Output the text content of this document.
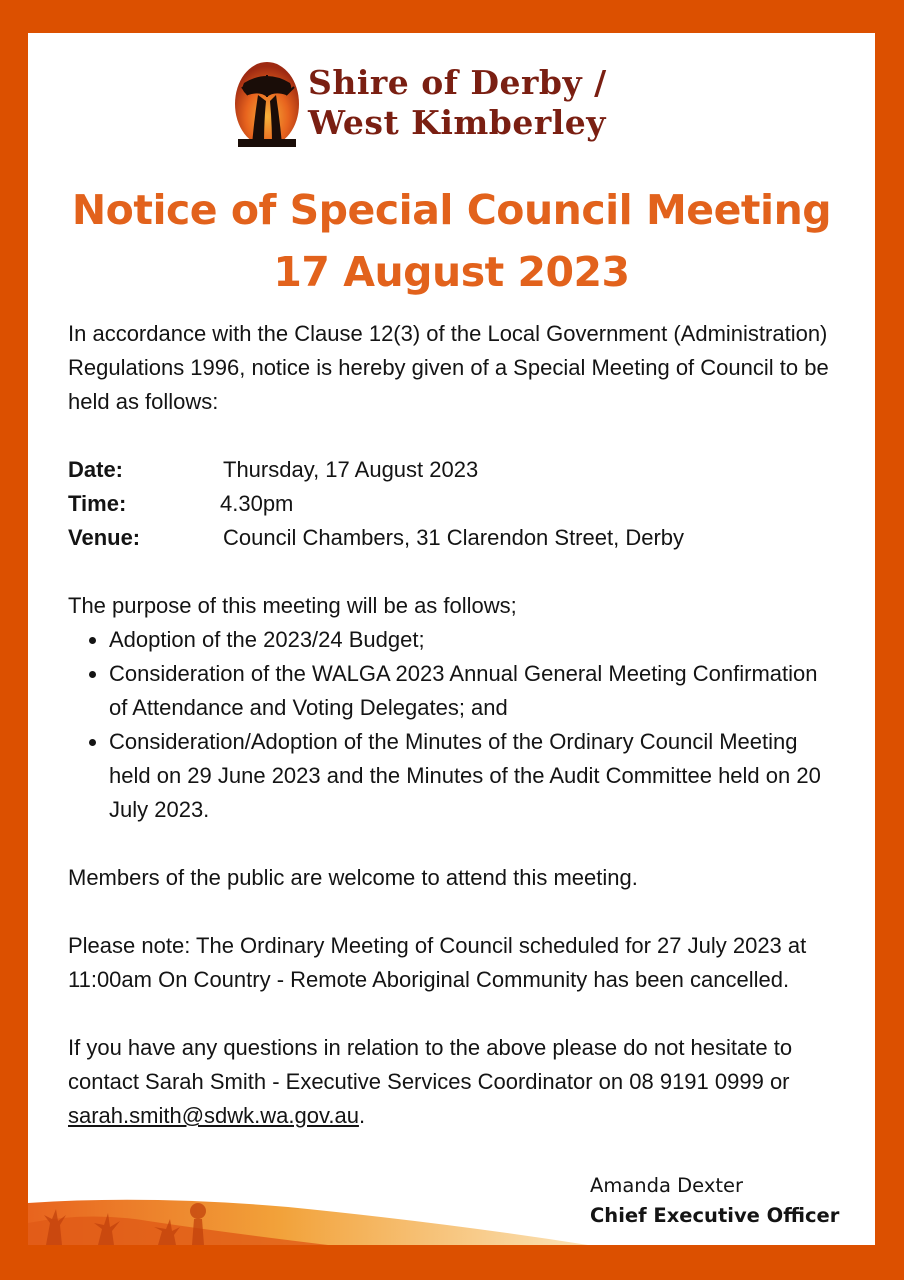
Shire of Derby /
West Kimberley

Notice of Special Council Meeting
17 August 2023

In accordance with the Clause 12(3) of the Local Government (Administration) Regulations 1996, notice is hereby given of a Special Meeting of Council to be held as follows:

Date:	Thursday, 17 August 2023
Time:	4.30pm
Venue:	Council Chambers, 31 Clarendon Street, Derby

The purpose of this meeting will be as follows;

• Adoption of the 2023/24 Budget;
• Consideration of the WALGA 2023 Annual General Meeting Confirmation of Attendance and Voting Delegates; and
• Consideration/Adoption of the Minutes of the Ordinary Council Meeting held on 29 June 2023 and the Minutes of the Audit Committee held on 20 July 2023.

Members of the public are welcome to attend this meeting.

Please note: The Ordinary Meeting of Council scheduled for 27 July 2023 at 11:00am On Country - Remote Aboriginal Community has been cancelled.

If you have any questions in relation to the above please do not hesitate to contact Sarah Smith - Executive Services Coordinator on 08 9191 0999 or sarah.smith@sdwk.wa.gov.au.

Amanda Dexter
Chief Executive Officer
